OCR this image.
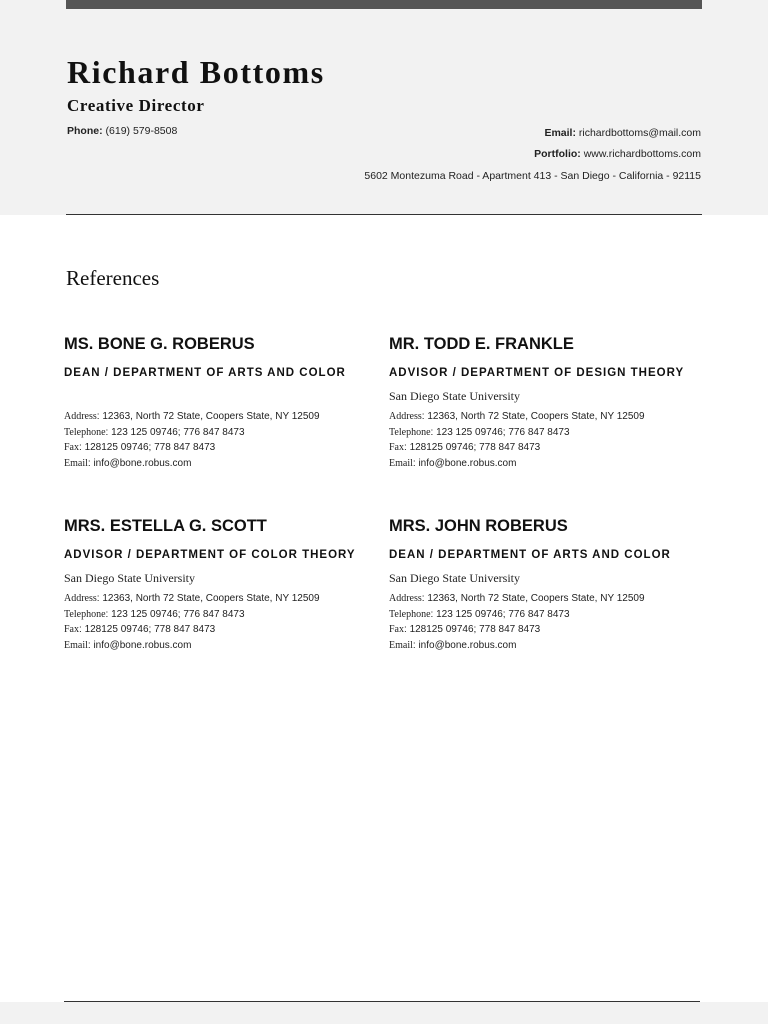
Richard Bottoms
Creative Director
Phone: (619) 579-8508	Email: richardbottoms@mail.com
Portfolio: www.richardbottoms.com
5602 Montezuma Road - Apartment 413 - San Diego - California - 92115
References
MS. BONE G. ROBERUS
DEAN / DEPARTMENT OF ARTS AND COLOR
Address: 12363, North 72 State, Coopers State, NY 12509
Telephone: 123 125 09746; 776 847 8473
Fax: 128125 09746; 778 847 8473
Email: info@bone.robus.com
MR. TODD E. FRANKLE
ADVISOR / DEPARTMENT OF DESIGN THEORY
San Diego State University
Address: 12363, North 72 State, Coopers State, NY 12509
Telephone: 123 125 09746; 776 847 8473
Fax: 128125 09746; 778 847 8473
Email: info@bone.robus.com
MRS. ESTELLA G. SCOTT
ADVISOR / DEPARTMENT OF COLOR THEORY
San Diego State University
Address: 12363, North 72 State, Coopers State, NY 12509
Telephone: 123 125 09746; 776 847 8473
Fax: 128125 09746; 778 847 8473
Email: info@bone.robus.com
MRS. JOHN ROBERUS
DEAN / DEPARTMENT OF ARTS AND COLOR
San Diego State University
Address: 12363, North 72 State, Coopers State, NY 12509
Telephone: 123 125 09746; 776 847 8473
Fax: 128125 09746; 778 847 8473
Email: info@bone.robus.com
